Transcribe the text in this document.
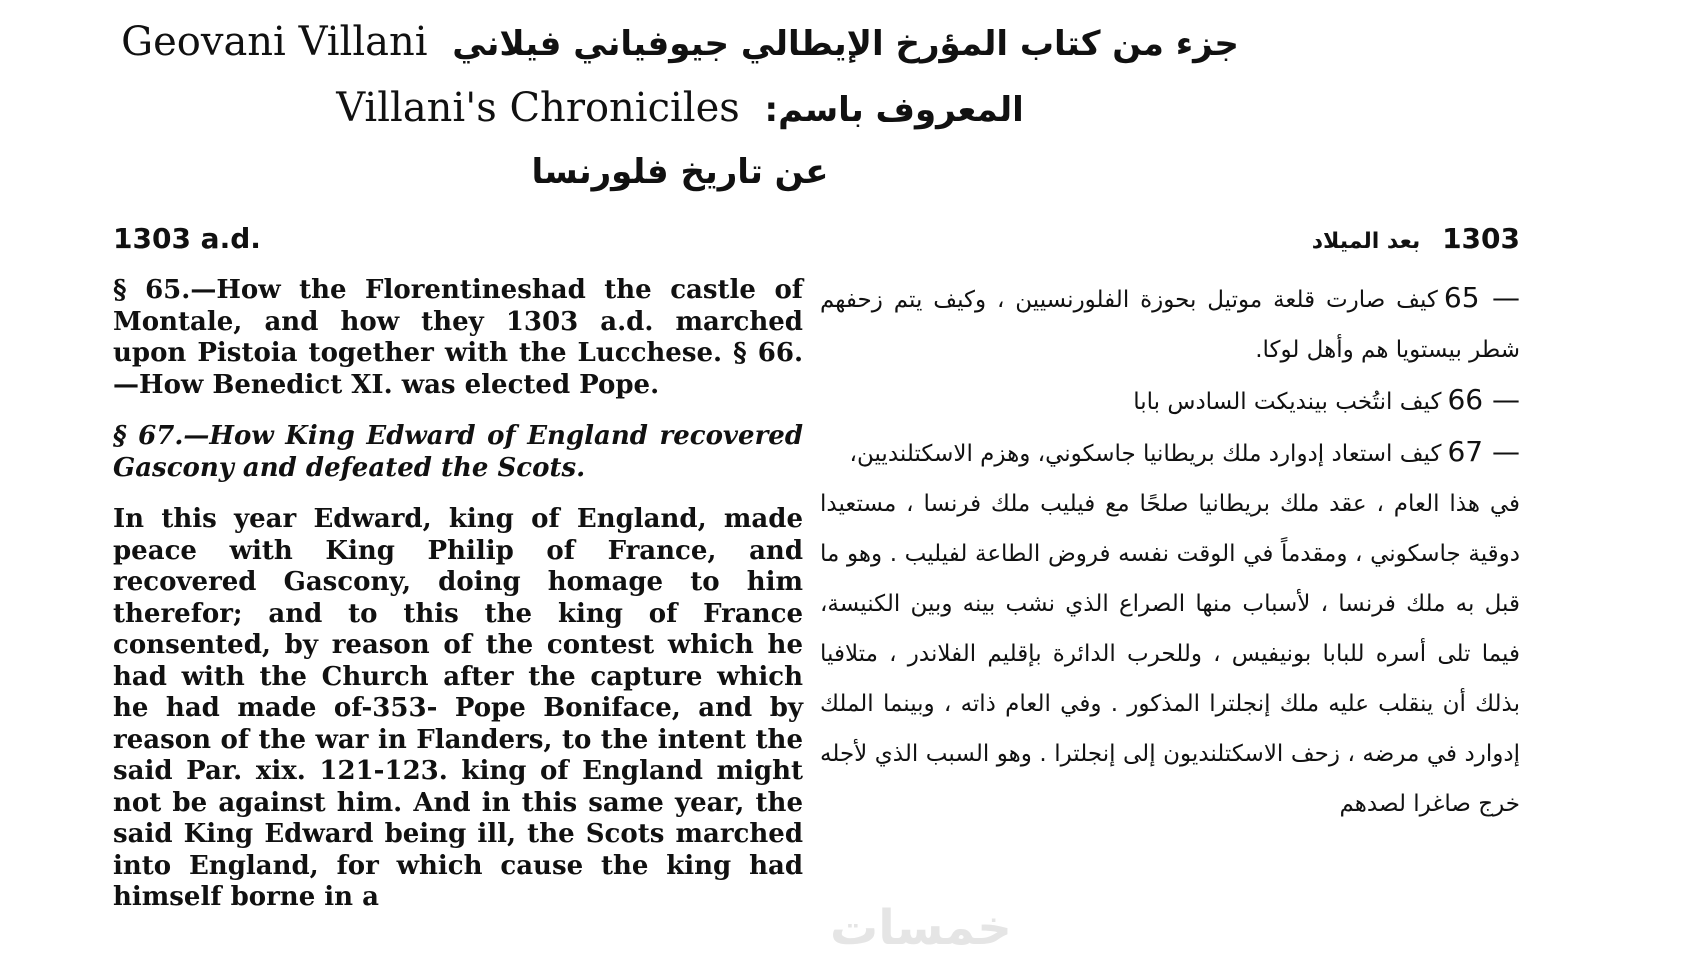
Geovani Villani جزء من كتاب المؤرخ الإيطالي جيوفياني فيلاني
Villani's Chroniciles المعروف باسم:
عن تاريخ فلورنسا
1303 a.d.

§ 65.—How the Florentineshad the castle of Montale, and how they 1303 a.d. marched upon Pistoia together with the Lucchese. § 66.—How Benedict XI. was elected Pope.

§ 67.—How King Edward of England recovered Gascony and defeated the Scots.

In this year Edward, king of England, made peace with King Philip of France, and recovered Gascony, doing homage to him therefor; and to this the king of France consented, by reason of the contest which he had with the Church after the capture which he had made of-353- Pope Boniface, and by reason of the war in Flanders, to the intent the said Par. xix. 121-123. king of England might not be against him. And in this same year, the said King Edward being ill, the Scots marched into England, for which cause the king had himself borne in a

1303 بعد الميلاد

— 65كيف صارت قلعة موتيل بحوزة الفلورنسيين ، وكيف يتم زحفهم شطر بيستويا هم وأهل لوكا.

— 66كيف انتُخب بينديكت السادس بابا

— 67كيف استعاد إدوارد ملك بريطانيا جاسكوني، وهزم الاسكتلنديين،

في هذا العام ، عقد ملك بريطانيا صلحًا مع فيليب ملك فرنسا ، مستعيدا دوقية جاسكوني ، ومقدماً في الوقت نفسه فروض الطاعة لفيليب . وهو ما قبل به ملك فرنسا ، لأسباب منها الصراع الذي نشب بينه وبين الكنيسة، فيما تلى أسره للبابا بونيفيس ، وللحرب الدائرة بإقليم الفلاندر ، متلافيا بذلك أن ينقلب عليه ملك إنجلترا المذكور . وفي العام ذاته ، وبينما الملك إدوارد في مرضه ، زحف الاسكتلنديون إلى إنجلترا . وهو السبب الذي لأجله خرج صاغرا لصدهم

خمسات
